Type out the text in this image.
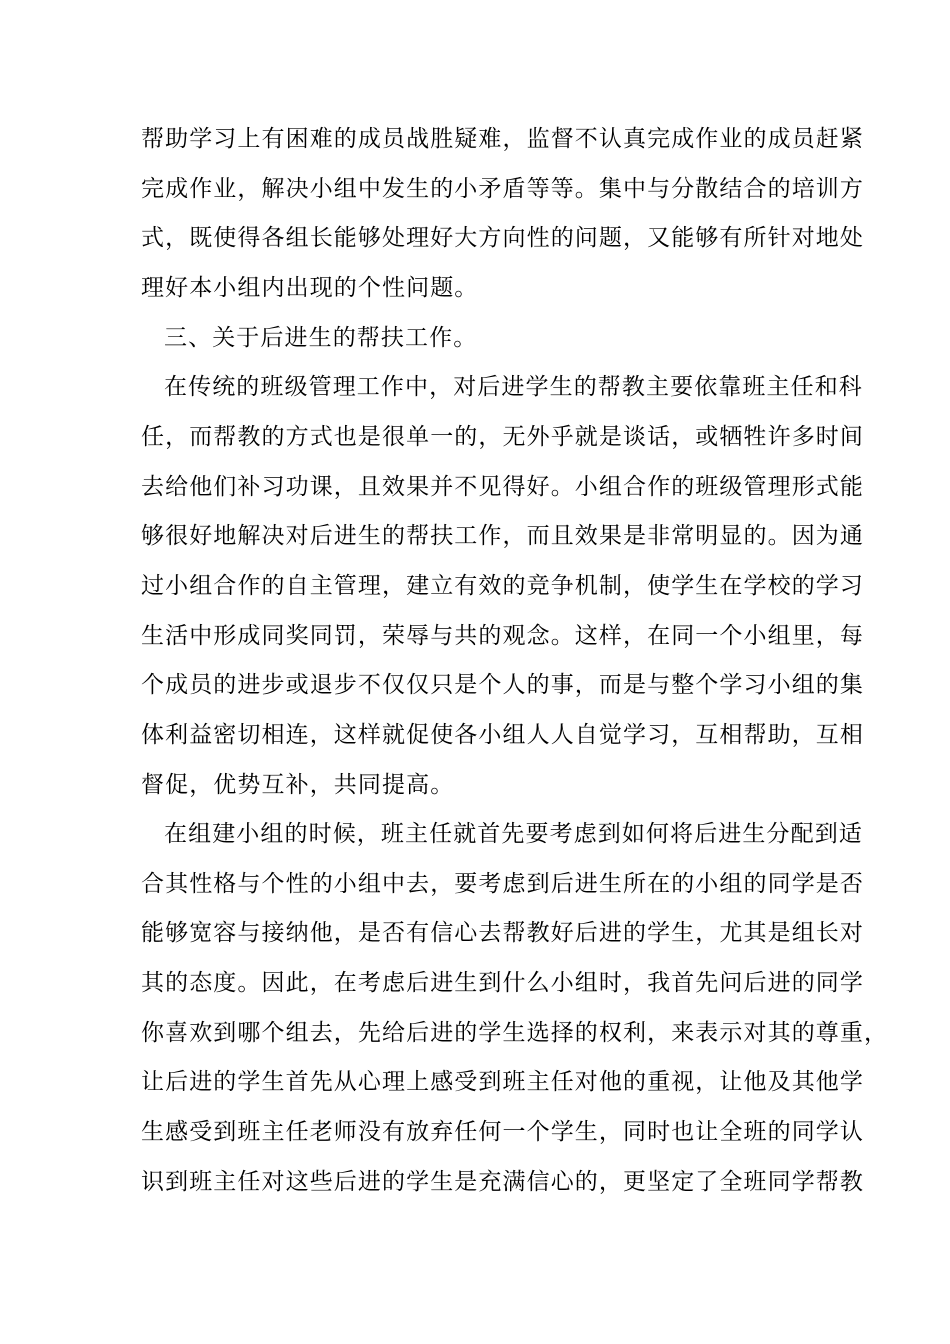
帮助学习上有困难的成员战胜疑难，监督不认真完成作业的成员赶紧
完成作业，解决小组中发生的小矛盾等等。集中与分散结合的培训方
式，既使得各组长能够处理好大方向性的问题，又能够有所针对地处
理好本小组内出现的个性问题。
三、关于后进生的帮扶工作。
在传统的班级管理工作中，对后进学生的帮教主要依靠班主任和科
任，而帮教的方式也是很单一的，无外乎就是谈话，或牺牲许多时间
去给他们补习功课，且效果并不见得好。小组合作的班级管理形式能
够很好地解决对后进生的帮扶工作，而且效果是非常明显的。因为通
过小组合作的自主管理，建立有效的竞争机制，使学生在学校的学习
生活中形成同奖同罚，荣辱与共的观念。这样，在同一个小组里，每
个成员的进步或退步不仅仅只是个人的事，而是与整个学习小组的集
体利益密切相连，这样就促使各小组人人自觉学习，互相帮助，互相
督促，优势互补，共同提高。
在组建小组的时候，班主任就首先要考虑到如何将后进生分配到适
合其性格与个性的小组中去，要考虑到后进生所在的小组的同学是否
能够宽容与接纳他，是否有信心去帮教好后进的学生，尤其是组长对
其的态度。因此，在考虑后进生到什么小组时，我首先问后进的同学
你喜欢到哪个组去，先给后进的学生选择的权利，来表示对其的尊重，
让后进的学生首先从心理上感受到班主任对他的重视，让他及其他学
生感受到班主任老师没有放弃任何一个学生，同时也让全班的同学认
识到班主任对这些后进的学生是充满信心的，更坚定了全班同学帮教
